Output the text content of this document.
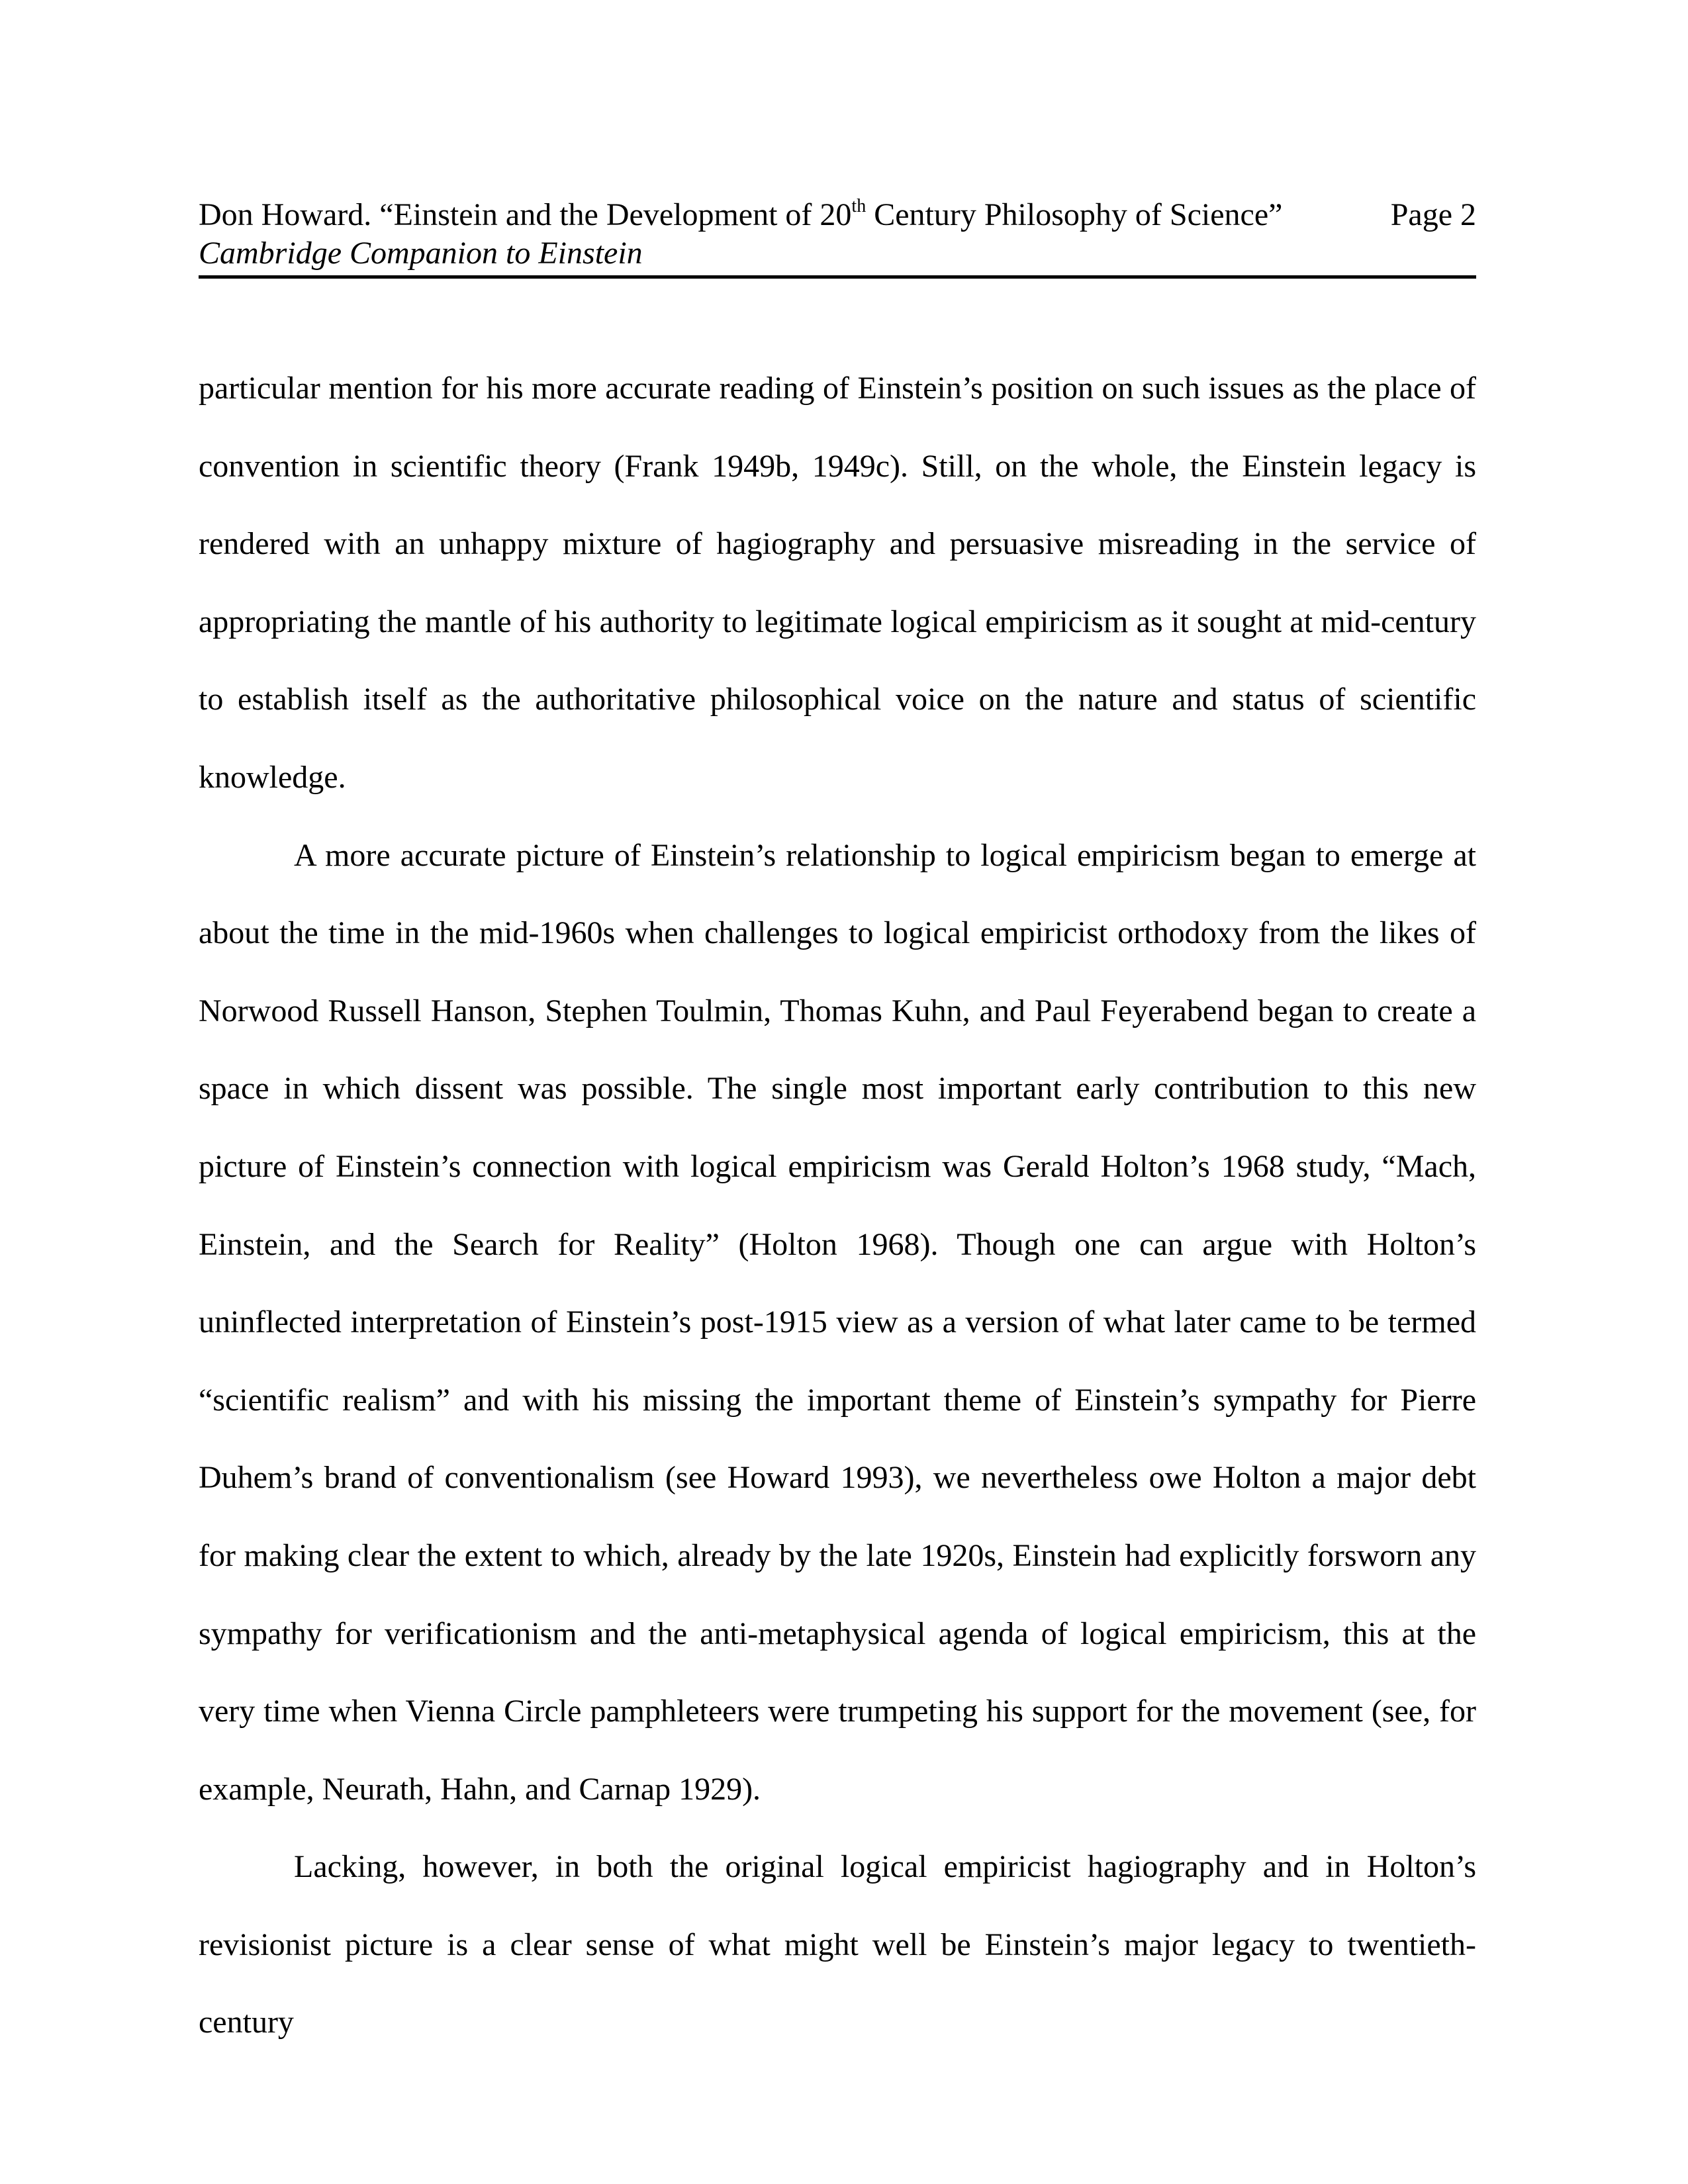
Don Howard. “Einstein and the Development of 20th Century Philosophy of Science”	Page 2
Cambridge Companion to Einstein

particular mention for his more accurate reading of Einstein’s position on such issues as the place of convention in scientific theory (Frank 1949b, 1949c). Still, on the whole, the Einstein legacy is rendered with an unhappy mixture of hagiography and persuasive misreading in the service of appropriating the mantle of his authority to legitimate logical empiricism as it sought at mid-century to establish itself as the authoritative philosophical voice on the nature and status of scientific knowledge.

A more accurate picture of Einstein’s relationship to logical empiricism began to emerge at about the time in the mid-1960s when challenges to logical empiricist orthodoxy from the likes of Norwood Russell Hanson, Stephen Toulmin, Thomas Kuhn, and Paul Feyerabend began to create a space in which dissent was possible. The single most important early contribution to this new picture of Einstein’s connection with logical empiricism was Gerald Holton’s 1968 study, “Mach, Einstein, and the Search for Reality” (Holton 1968). Though one can argue with Holton’s uninflected interpretation of Einstein’s post-1915 view as a version of what later came to be termed “scientific realism” and with his missing the important theme of Einstein’s sympathy for Pierre Duhem’s brand of conventionalism (see Howard 1993), we nevertheless owe Holton a major debt for making clear the extent to which, already by the late 1920s, Einstein had explicitly forsworn any sympathy for verificationism and the anti-metaphysical agenda of logical empiricism, this at the very time when Vienna Circle pamphleteers were trumpeting his support for the movement (see, for example, Neurath, Hahn, and Carnap 1929).

Lacking, however, in both the original logical empiricist hagiography and in Holton’s revisionist picture is a clear sense of what might well be Einstein’s major legacy to twentieth-century
